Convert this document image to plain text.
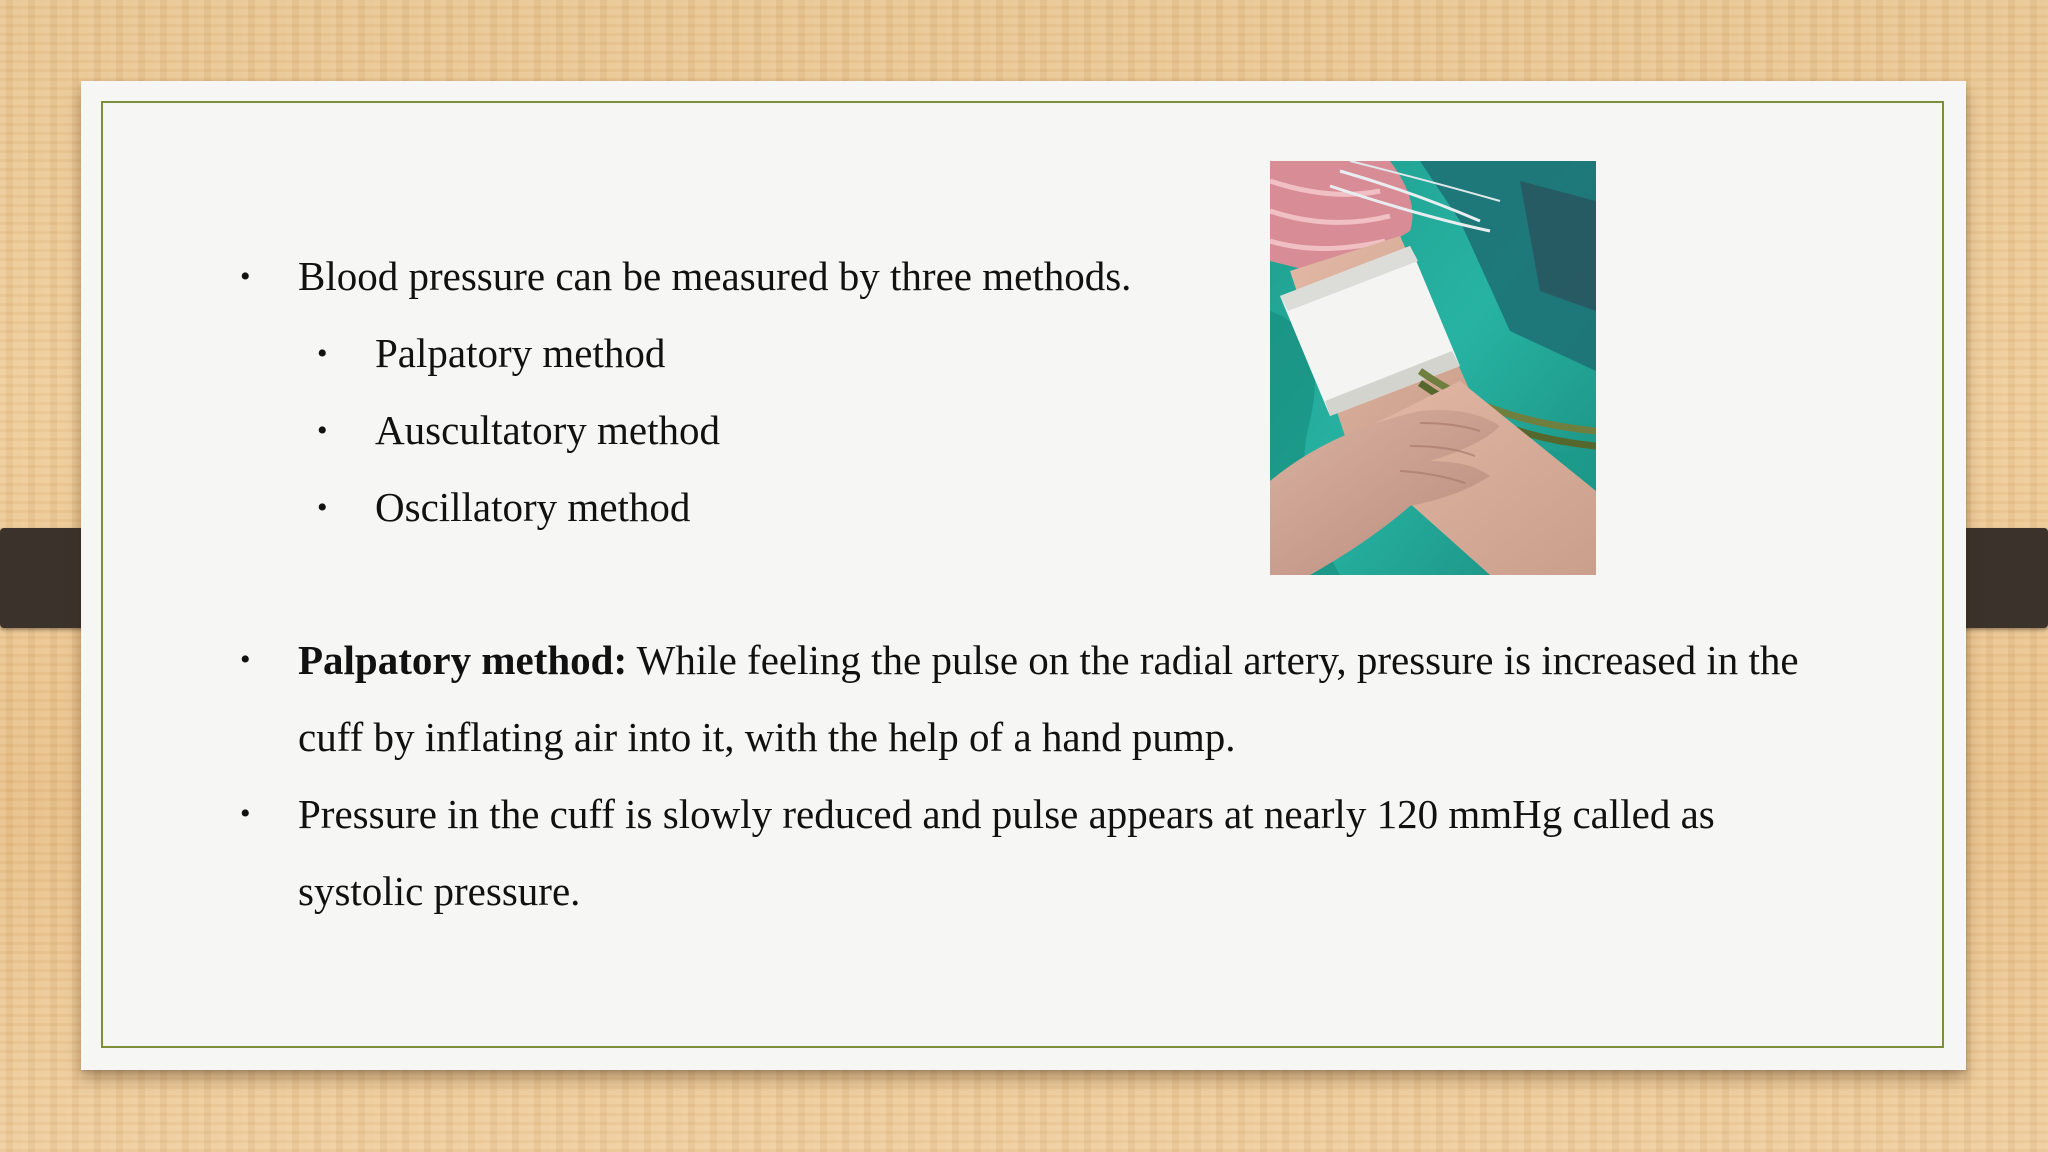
• Blood pressure can be measured by three methods.
• Palpatory method
• Auscultatory method
• Oscillatory method
• Palpatory method: While feeling the pulse on the radial artery, pressure is increased in the cuff by inflating air into it, with the help of a hand pump.
• Pressure in the cuff is slowly reduced and pulse appears at nearly 120 mmHg called as systolic pressure.
